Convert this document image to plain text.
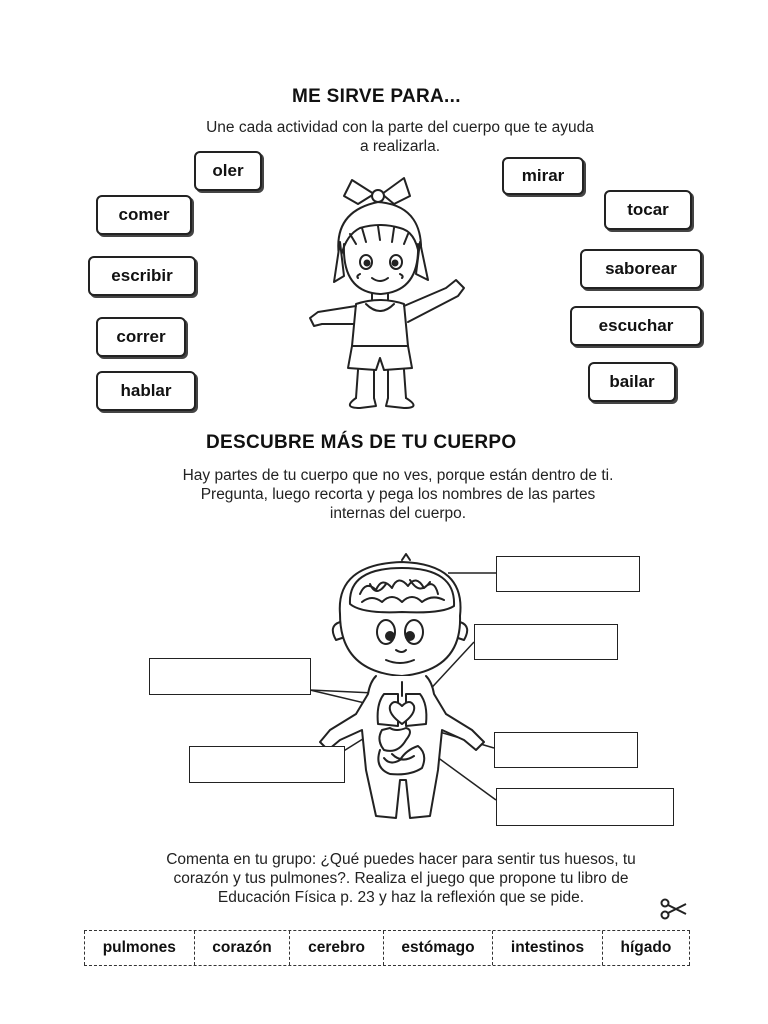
ME SIRVE PARA...
Une cada actividad con la parte del cuerpo que te ayuda
a realizarla.
oler
comer
escribir
correr
hablar
mirar
tocar
saborear
escuchar
bailar
DESCUBRE MÁS DE TU CUERPO
Hay partes de tu cuerpo que no ves, porque están dentro de ti.
Pregunta, luego recorta y pega los nombres de las partes
internas del cuerpo.
Comenta en tu grupo: ¿Qué puedes hacer para sentir tus huesos, tu
corazón y tus pulmones?. Realiza el juego que propone tu libro de
Educación Física p. 23 y haz la reflexión que se pide.
pulmones	corazón	cerebro	estómago	intestinos	hígado
